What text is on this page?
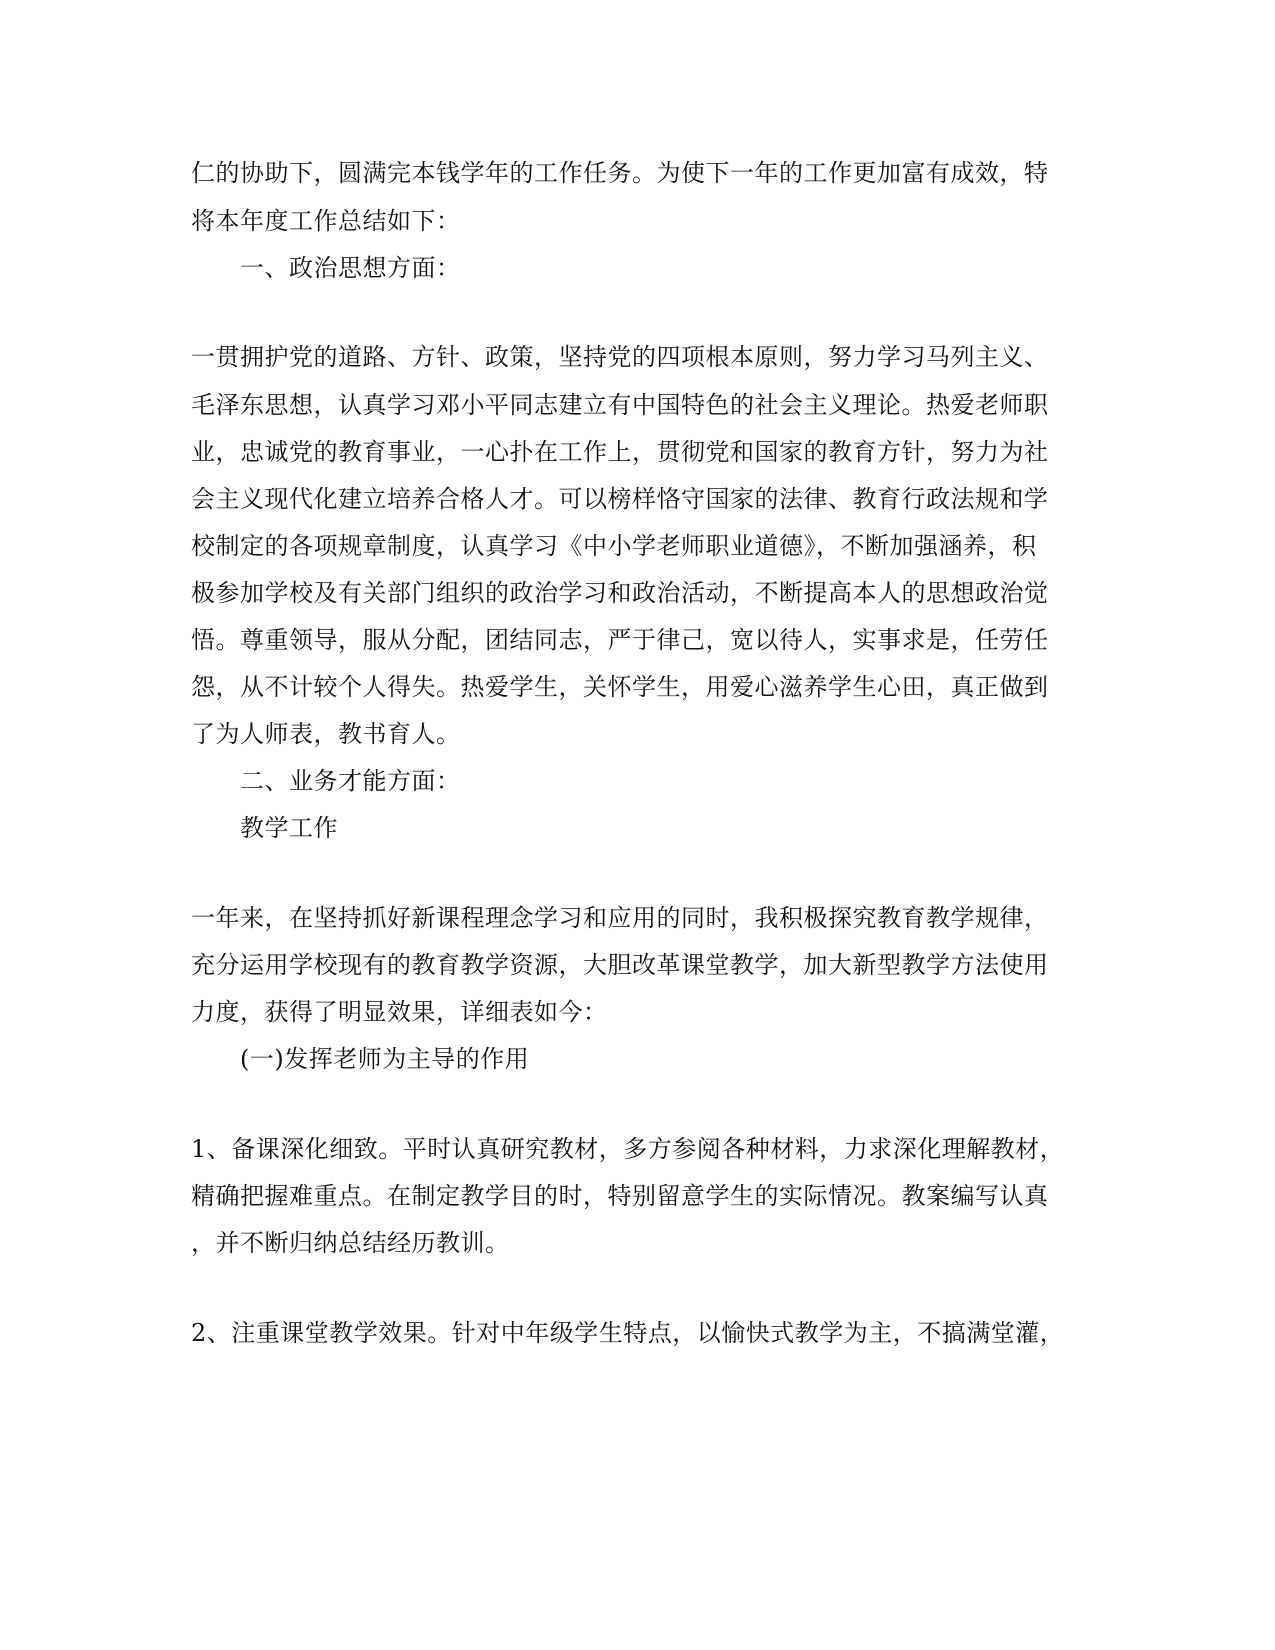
仁的协助下，圆满完本钱学年的工作任务。为使下一年的工作更加富有成效，特
将本年度工作总结如下：
一、政治思想方面：
一贯拥护党的道路、方针、政策，坚持党的四项根本原则，努力学习马列主义、
毛泽东思想，认真学习邓小平同志建立有中国特色的社会主义理论。热爱老师职
业，忠诚党的教育事业，一心扑在工作上，贯彻党和国家的教育方针，努力为社
会主义现代化建立培养合格人才。可以榜样恪守国家的法律、教育行政法规和学
校制定的各项规章制度，认真学习《中小学老师职业道德》，不断加强涵养，积
极参加学校及有关部门组织的政治学习和政治活动，不断提高本人的思想政治觉
悟。尊重领导，服从分配，团结同志，严于律己，宽以待人，实事求是，任劳任
怨，从不计较个人得失。热爱学生，关怀学生，用爱心滋养学生心田，真正做到
了为人师表，教书育人。
二、业务才能方面：
教学工作
一年来，在坚持抓好新课程理念学习和应用的同时，我积极探究教育教学规律，
充分运用学校现有的教育教学资源，大胆改革课堂教学，加大新型教学方法使用
力度，获得了明显效果，详细表如今：
(一)发挥老师为主导的作用
1、备课深化细致。平时认真研究教材，多方参阅各种材料，力求深化理解教材，
精确把握难重点。在制定教学目的时，特别留意学生的实际情况。教案编写认真
，并不断归纳总结经历教训。
2、注重课堂教学效果。针对中年级学生特点，以愉快式教学为主，不搞满堂灌，
